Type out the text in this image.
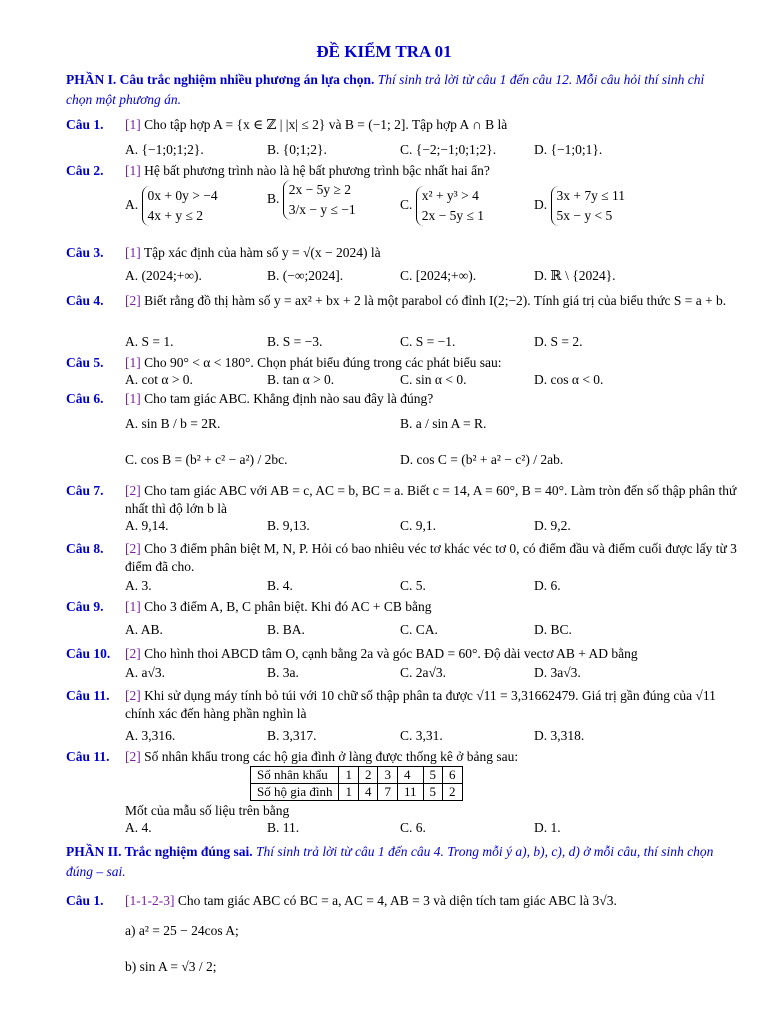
ĐỀ KIỂM TRA 01
PHẦN I. Câu trắc nghiệm nhiều phương án lựa chọn. Thí sinh trả lời từ câu 1 đến câu 12. Mỗi câu hỏi thí sinh chỉ chọn một phương án.
Câu 1.	[1] Cho tập hợp A = {x ∈ ℤ | |x| ≤ 2} và B = (−1; 2]. Tập hợp A ∩ B là
A. {−1;0;1;2}.	B. {0;1;2}.	C. {−2;−1;0;1;2}.	D. {−1;0;1}.
Câu 2.	[1] Hệ bất phương trình nào là hệ bất phương trình bậc nhất hai ẩn?
A. 0x + 0y > −4
4x + y ≤ 2
B. 2x − 5y ≥ 2
3/x − y ≤ −1	C. x² + y³ > 4
2x − 5y ≤ 1
D. 3x + 7y ≤ 11
5x − y < 5
Câu 3.	[1] Tập xác định của hàm số y = √(x − 2024) là
A. (2024;+∞).	B. (−∞;2024].	C. [2024;+∞).	D. ℝ \ {2024}.
Câu 4.	[2] Biết rằng đồ thị hàm số y = ax² + bx + 2 là một parabol có đỉnh I(2;−2). Tính giá trị của biểu thức S = a + b.
A. S = 1.	B. S = −3.	C. S = −1.	D. S = 2.
Câu 5.	[1] Cho 90° < α < 180°. Chọn phát biểu đúng trong các phát biểu sau:
A. cot α > 0.	B. tan α > 0.	C. sin α < 0.	D. cos α < 0.
Câu 6.	[1] Cho tam giác ABC. Khẳng định nào sau đây là đúng?
A. sin B / b = 2R.	B. a / sin A = R.
C. cos B = (b² + c² − a²) / 2bc.	D. cos C = (b² + a² − c²) / 2ab.
Câu 7.	[2] Cho tam giác ABC với AB = c, AC = b, BC = a. Biết c = 14, A = 60°, B = 40°. Làm tròn đến số thập phân thứ nhất thì độ lớn b là
A. 9,14.	B. 9,13.	C. 9,1.	D. 9,2.
Câu 8.	[2] Cho 3 điểm phân biệt M, N, P. Hỏi có bao nhiêu véc tơ khác véc tơ 0, có điểm đầu và điểm cuối được lấy từ 3 điểm đã cho.
A. 3.	B. 4.	C. 5.	D. 6.
Câu 9.	[1] Cho 3 điểm A, B, C phân biệt. Khi đó AC + CB bằng
A. AB.	B. BA.	C. CA.	D. BC.
Câu 10.	[2] Cho hình thoi ABCD tâm O, cạnh bằng 2a và góc BAD = 60°. Độ dài vectơ AB + AD bằng
A. a√3.	B. 3a.	C. 2a√3.	D. 3a√3.
Câu 11.	[2] Khi sử dụng máy tính bỏ túi với 10 chữ số thập phân ta được √11 = 3,31662479. Giá trị gần đúng của √11 chính xác đến hàng phần nghìn là
A. 3,316.	B. 3,317.	C. 3,31.	D. 3,318.
Câu 11.	[2] Số nhân khẩu trong các hộ gia đình ở làng được thống kê ở bảng sau:
Số nhân khẩu	1	2	3	4	5	6
Số hộ gia đình	1	4	7	11	5	2
Mốt của mẫu số liệu trên bằng
A. 4.	B. 11.	C. 6.	D. 1.
PHẦN II. Trắc nghiệm đúng sai. Thí sinh trả lời từ câu 1 đến câu 4. Trong mỗi ý a), b), c), d) ở mỗi câu, thí sinh chọn đúng – sai.
Câu 1.	[1-1-2-3] Cho tam giác ABC có BC = a, AC = 4, AB = 3 và diện tích tam giác ABC là 3√3.
a) a² = 25 − 24cos A;
b) sin A = √3 / 2;
